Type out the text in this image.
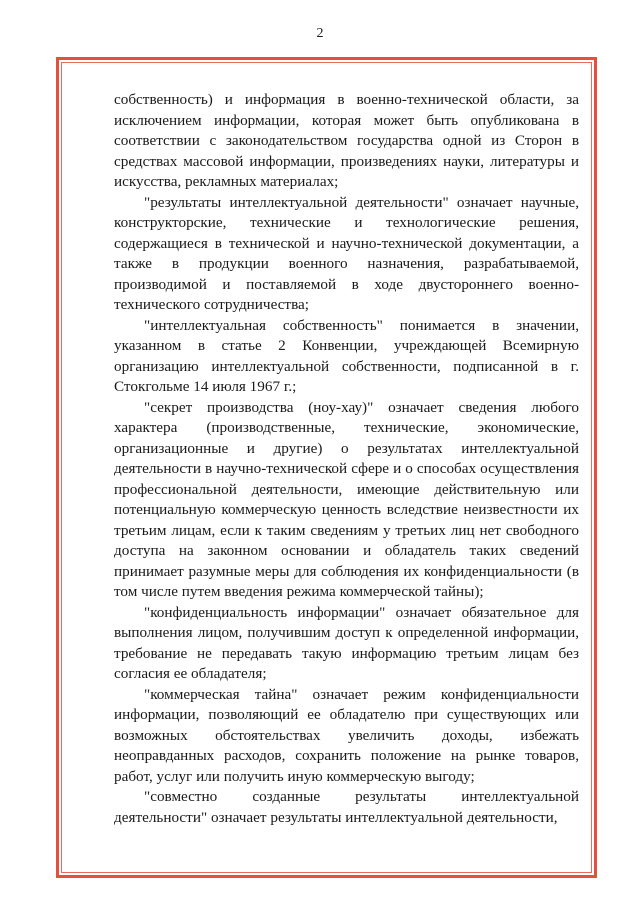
2

собственность) и информация в военно-технической области, за исключением информации, которая может быть опубликована в соответствии с законодательством государства одной из Сторон в средствах массовой информации, произведениях науки, литературы и искусства, рекламных материалах;

"результаты интеллектуальной деятельности" означает научные, конструкторские, технические и технологические решения, содержащиеся в технической и научно-технической документации, а также в продукции военного назначения, разрабатываемой, производимой и поставляемой в ходе двустороннего военно-технического сотрудничества;

"интеллектуальная собственность" понимается в значении, указанном в статье 2 Конвенции, учреждающей Всемирную организацию интеллектуальной собственности, подписанной в г. Стокгольме 14 июля 1967 г.;

"секрет производства (ноу-хау)" означает сведения любого характера (производственные, технические, экономические, организационные и другие) о результатах интеллектуальной деятельности в научно-технической сфере и о способах осуществления профессиональной деятельности, имеющие действительную или потенциальную коммерческую ценность вследствие неизвестности их третьим лицам, если к таким сведениям у третьих лиц нет свободного доступа на законном основании и обладатель таких сведений принимает разумные меры для соблюдения их конфиденциальности (в том числе путем введения режима коммерческой тайны);

"конфиденциальность информации" означает обязательное для выполнения лицом, получившим доступ к определенной информации, требование не передавать такую информацию третьим лицам без согласия ее обладателя;

"коммерческая тайна" означает режим конфиденциальности информации, позволяющий ее обладателю при существующих или возможных обстоятельствах увеличить доходы, избежать неоправданных расходов, сохранить положение на рынке товаров, работ, услуг или получить иную коммерческую выгоду;

"совместно созданные результаты интеллектуальной деятельности" означает результаты интеллектуальной деятельности,
